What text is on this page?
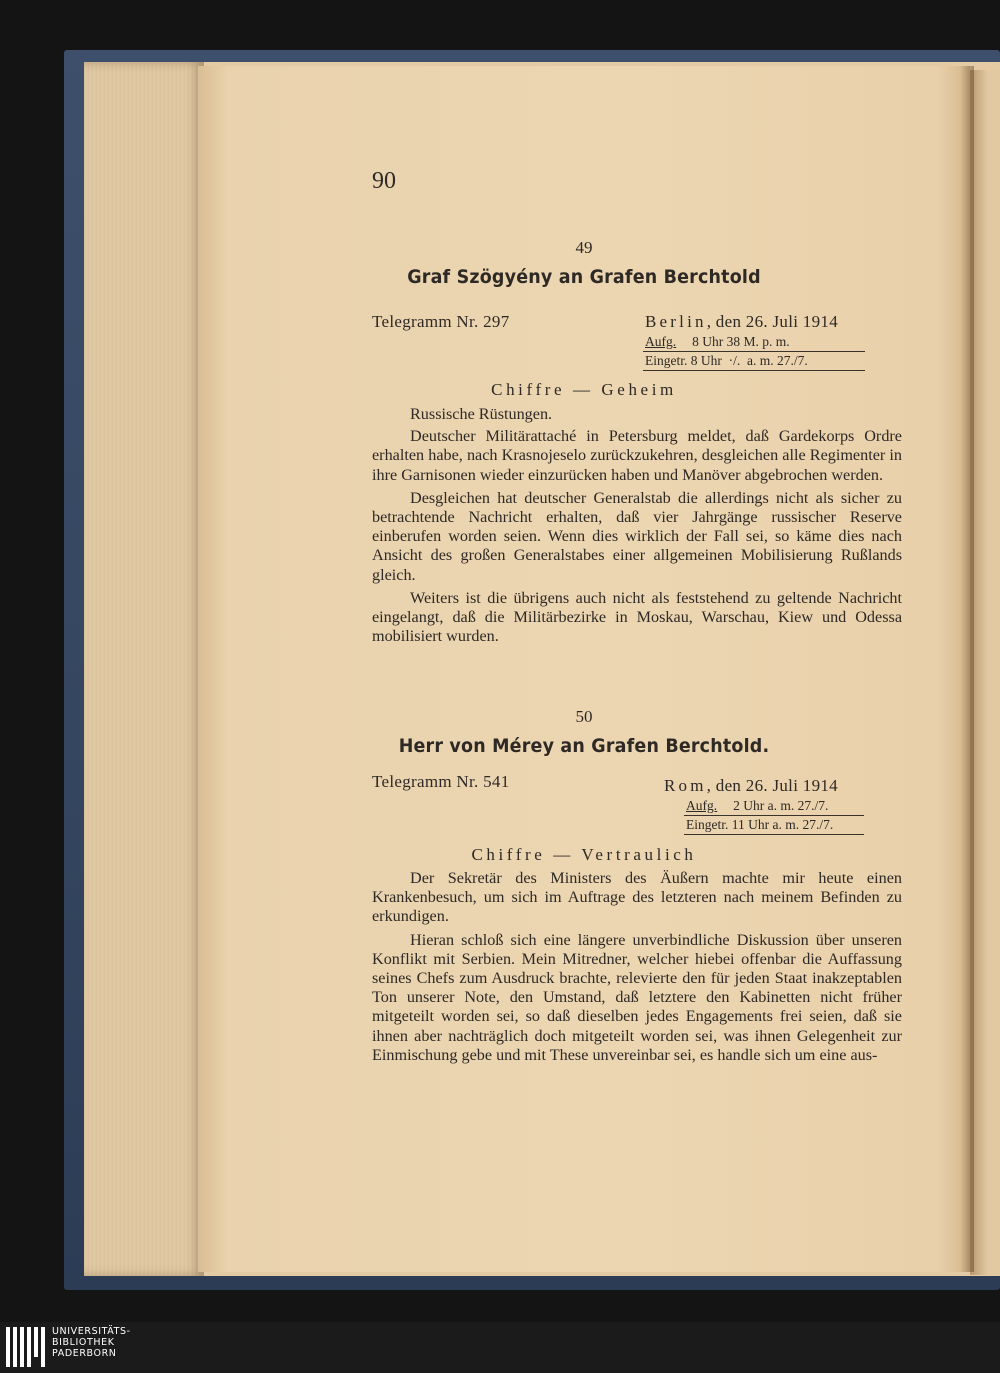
90
49
Graf Szögyény an Grafen Berchtold
Telegramm Nr. 297	Berlin, den 26. Juli 1914
Aufg. 8 Uhr 38 M. p. m.
Eingetr. 8 Uhr  ·/.  a. m. 27./7.
Chiffre — Geheim

Russische Rüstungen.

Deutscher Militärattaché in Petersburg meldet, daß Gardekorps Ordre erhalten habe, nach Krasnojeselo zurückzukehren, desgleichen alle Regimenter in ihre Garnisonen wieder einzurücken haben und Manöver abgebrochen werden.

Desgleichen hat deutscher Generalstab die allerdings nicht als sicher zu betrachtende Nachricht erhalten, daß vier Jahrgänge russischer Reserve einberufen worden seien. Wenn dies wirklich der Fall sei, so käme dies nach Ansicht des großen Generalstabes einer allgemeinen Mobilisierung Rußlands gleich.

Weiters ist die übrigens auch nicht als feststehend zu geltende Nachricht eingelangt, daß die Militärbezirke in Moskau, Warschau, Kiew und Odessa mobilisiert wurden.

50
Herr von Mérey an Grafen Berchtold.
Telegramm Nr. 541	Rom, den 26. Juli 1914
Aufg. 2 Uhr a. m. 27./7.
Eingetr. 11 Uhr a. m. 27./7.
Chiffre — Vertraulich

Der Sekretär des Ministers des Äußern machte mir heute einen Krankenbesuch, um sich im Auftrage des letzteren nach meinem Befinden zu erkundigen.

Hieran schloß sich eine längere unverbindliche Diskussion über unseren Konflikt mit Serbien. Mein Mitredner, welcher hiebei offenbar die Auffassung seines Chefs zum Ausdruck brachte, relevierte den für jeden Staat inakzeptablen Ton unserer Note, den Umstand, daß letztere den Kabinetten nicht früher mitgeteilt worden sei, so daß dieselben jedes Engagements frei seien, daß sie ihnen aber nachträglich doch mitgeteilt worden sei, was ihnen Gelegenheit zur Einmischung gebe und mit These unvereinbar sei, es handle sich um eine aus-

UNIVERSITÄTS-
BIBLIOTHEK
PADERBORN
